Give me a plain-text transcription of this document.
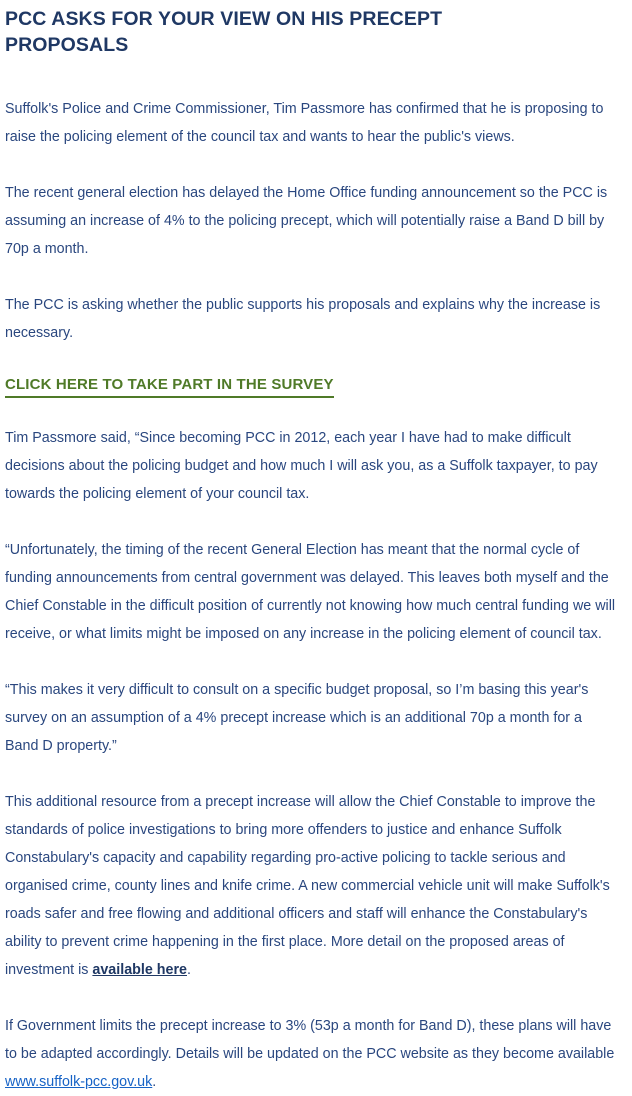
PCC ASKS FOR YOUR VIEW ON HIS PRECEPT PROPOSALS

Suffolk's Police and Crime Commissioner, Tim Passmore has confirmed that he is proposing to raise the policing element of the council tax and wants to hear the public's views.

The recent general election has delayed the Home Office funding announcement so the PCC is assuming an increase of 4% to the policing precept, which will potentially raise a Band D bill by 70p a month.

The PCC is asking whether the public supports his proposals and explains why the increase is necessary.

CLICK HERE TO TAKE PART IN THE SURVEY

Tim Passmore said, “Since becoming PCC in 2012, each year I have had to make difficult decisions about the policing budget and how much I will ask you, as a Suffolk taxpayer, to pay towards the policing element of your council tax.

“Unfortunately, the timing of the recent General Election has meant that the normal cycle of funding announcements from central government was delayed. This leaves both myself and the Chief Constable in the difficult position of currently not knowing how much central funding we will receive, or what limits might be imposed on any increase in the policing element of council tax.

“This makes it very difficult to consult on a specific budget proposal, so I’m basing this year's survey on an assumption of a 4% precept increase which is an additional 70p a month for a Band D property.”

This additional resource from a precept increase will allow the Chief Constable to improve the standards of police investigations to bring more offenders to justice and enhance Suffolk Constabulary's capacity and capability regarding pro-active policing to tackle serious and organised crime, county lines and knife crime. A new commercial vehicle unit will make Suffolk's roads safer and free flowing and additional officers and staff will enhance the Constabulary's ability to prevent crime happening in the first place. More detail on the proposed areas of investment is available here.

If Government limits the precept increase to 3% (53p a month for Band D), these plans will have to be adapted accordingly. Details will be updated on the PCC website as they become available www.suffolk-pcc.gov.uk.
